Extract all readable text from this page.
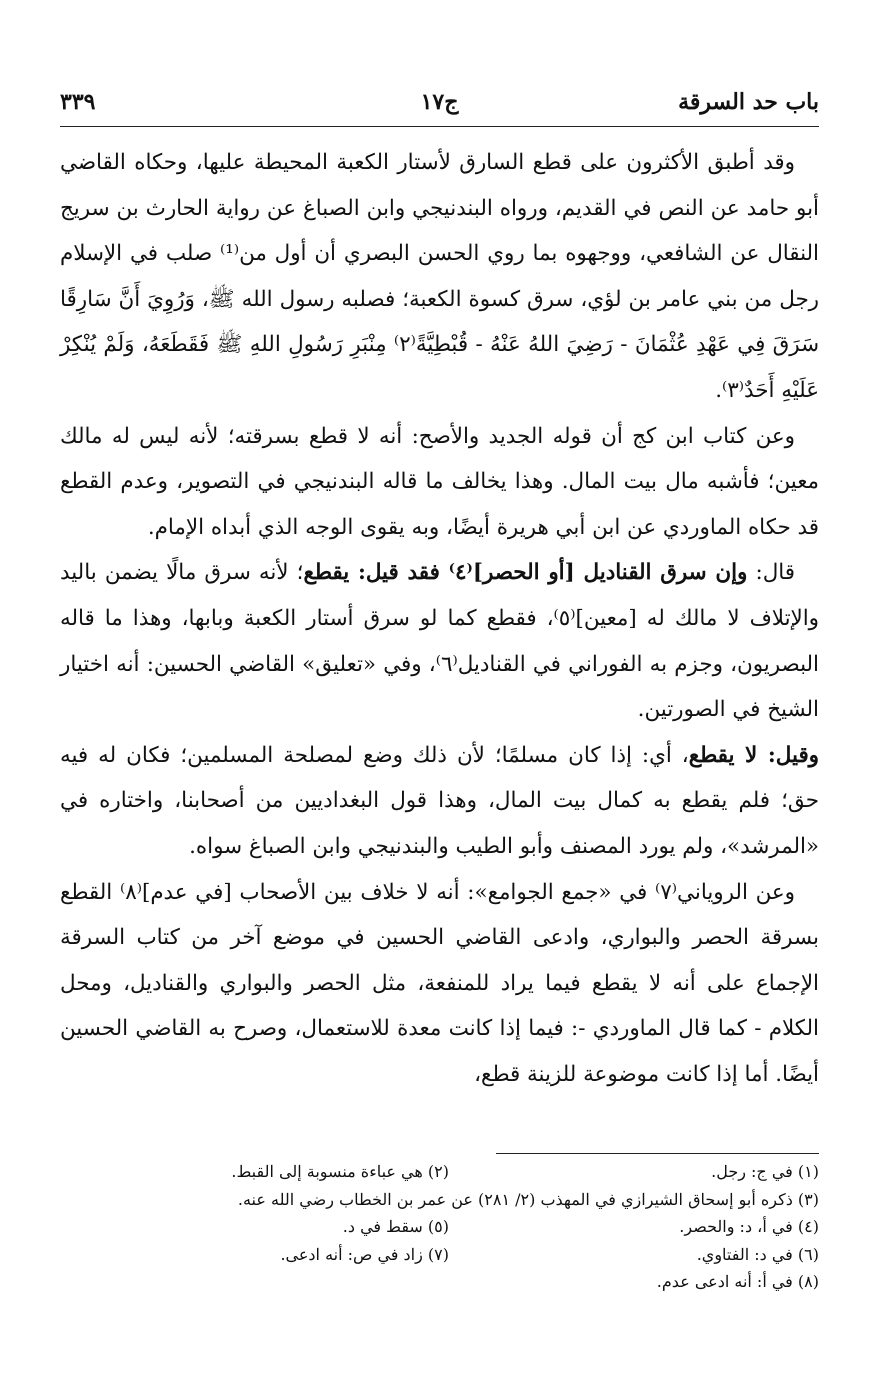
باب حد السرقة
ج١٧
٣٣٩

وقد أطبق الأكثرون على قطع السارق لأستار الكعبة المحيطة عليها، وحكاه القاضي أبو حامد عن النص في القديم، ورواه البندنيجي وابن الصباغ عن رواية الحارث بن سريج النقال عن الشافعي، ووجهوه بما روي الحسن البصري أن أول من⁽¹⁾ صلب في الإسلام رجل من بني عامر بن لؤي، سرق كسوة الكعبة؛ فصلبه رسول الله ﷺ، وَرُوِيَ أَنَّ سَارِقًا سَرَقَ فِي عَهْدِ عُثْمَانَ - رَضِيَ اللهُ عَنْهُ - قُبْطِيَّةً⁽٢⁾ مِنْبَرِ رَسُولِ اللهِ ﷺ فَقَطَعَهُ، وَلَمْ يُنْكِرْ عَلَيْهِ أَحَدٌ⁽٣⁾.

وعن كتاب ابن كج أن قوله الجديد والأصح: أنه لا قطع بسرقته؛ لأنه ليس له مالك معين؛ فأشبه مال بيت المال. وهذا يخالف ما قاله البندنيجي في التصوير، وعدم القطع قد حكاه الماوردي عن ابن أبي هريرة أيضًا، وبه يقوى الوجه الذي أبداه الإمام.

قال: وإن سرق القناديل [أو الحصر]⁽٤⁾ فقد قيل: يقطع؛ لأنه سرق مالًا يضمن باليد والإتلاف لا مالك له [معين]⁽٥⁾، فقطع كما لو سرق أستار الكعبة وبابها، وهذا ما قاله البصريون، وجزم به الفوراني في القناديل⁽٦⁾، وفي «تعليق» القاضي الحسين: أنه اختيار الشيخ في الصورتين.

وقيل: لا يقطع، أي: إذا كان مسلمًا؛ لأن ذلك وضع لمصلحة المسلمين؛ فكان له فيه حق؛ فلم يقطع به كمال بيت المال، وهذا قول البغداديين من أصحابنا، واختاره في «المرشد»، ولم يورد المصنف وأبو الطيب والبندنيجي وابن الصباغ سواه.

وعن الروياني⁽٧⁾ في «جمع الجوامع»: أنه لا خلاف بين الأصحاب [في عدم]⁽٨⁾ القطع بسرقة الحصر والبواري، وادعى القاضي الحسين في موضع آخر من كتاب السرقة الإجماع على أنه لا يقطع فيما يراد للمنفعة، مثل الحصر والبواري والقناديل، ومحل الكلام - كما قال الماوردي -: فيما إذا كانت معدة للاستعمال، وصرح به القاضي الحسين أيضًا. أما إذا كانت موضوعة للزينة قطع،

(١) في ج: رجل.
(٢) هي عباءة منسوبة إلى القبط.
(٣) ذكره أبو إسحاق الشيرازي في المهذب (٢/ ٢٨١) عن عمر بن الخطاب رضي الله عنه.
(٤) في أ، د: والحصر.
(٥) سقط في د.
(٦) في د: الفتاوي.
(٧) زاد في ص: أنه ادعى.
(٨) في أ: أنه ادعى عدم.
